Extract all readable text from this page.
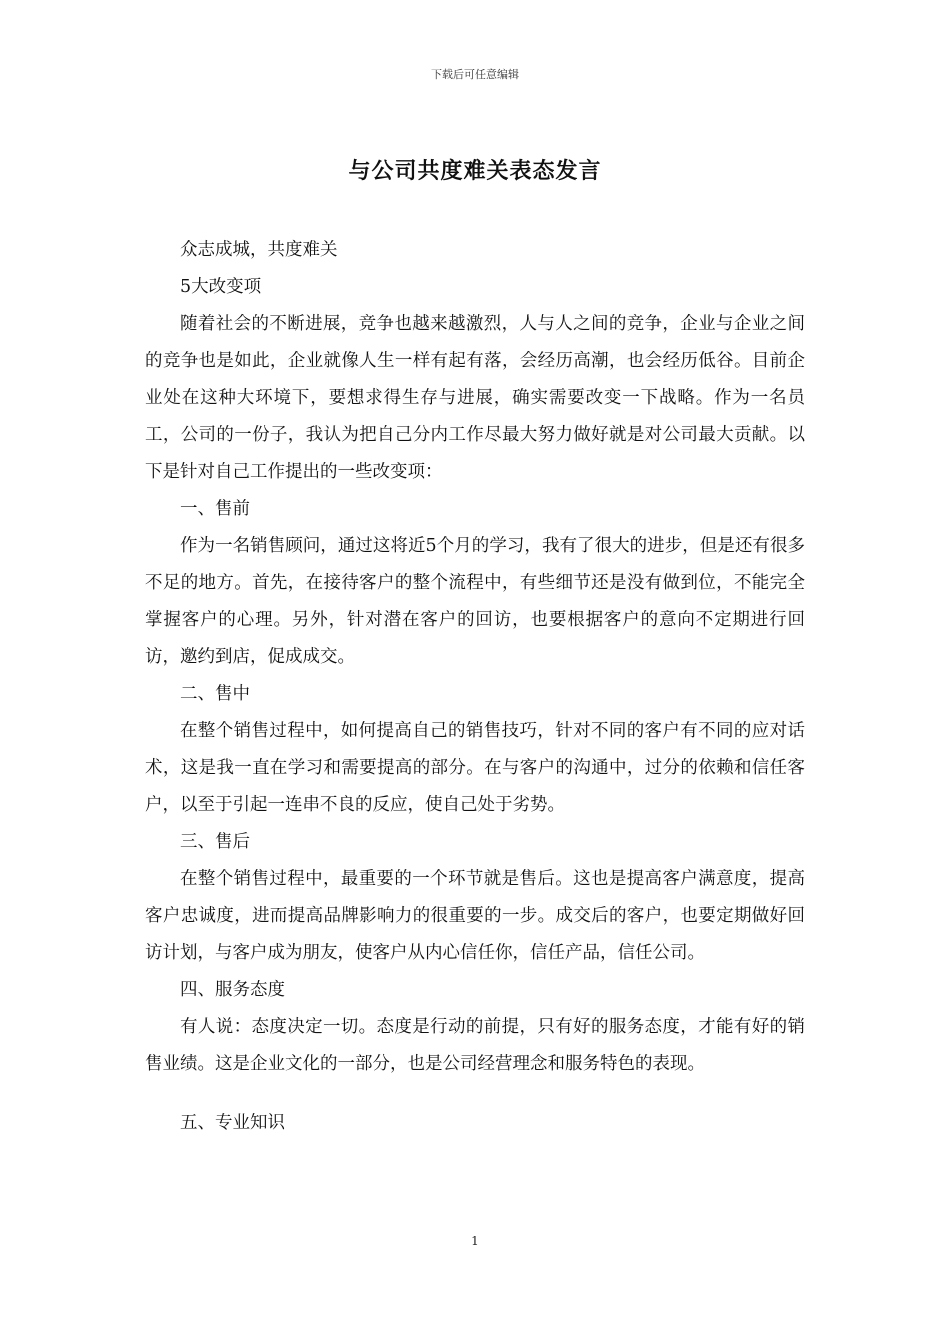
下载后可任意编辑
与公司共度难关表态发言

众志成城，共度难关

5大改变项

随着社会的不断进展，竞争也越来越激烈，人与人之间的竞争，企业与企业之间的竞争也是如此，企业就像人生一样有起有落，会经历高潮，也会经历低谷。目前企业处在这种大环境下，要想求得生存与进展，确实需要改变一下战略。作为一名员工，公司的一份子，我认为把自己分内工作尽最大努力做好就是对公司最大贡献。以下是针对自己工作提出的一些改变项：

一、售前

作为一名销售顾问，通过这将近5个月的学习，我有了很大的进步，但是还有很多不足的地方。首先，在接待客户的整个流程中，有些细节还是没有做到位，不能完全掌握客户的心理。另外，针对潜在客户的回访，也要根据客户的意向不定期进行回访，邀约到店，促成成交。

二、售中

在整个销售过程中，如何提高自己的销售技巧，针对不同的客户有不同的应对话术，这是我一直在学习和需要提高的部分。在与客户的沟通中，过分的依赖和信任客户，以至于引起一连串不良的反应，使自己处于劣势。

三、售后

在整个销售过程中，最重要的一个环节就是售后。这也是提高客户满意度，提高客户忠诚度，进而提高品牌影响力的很重要的一步。成交后的客户，也要定期做好回访计划，与客户成为朋友，使客户从内心信任你，信任产品，信任公司。

四、服务态度

有人说：态度决定一切。态度是行动的前提，只有好的服务态度，才能有好的销售业绩。这是企业文化的一部分，也是公司经营理念和服务特色的表现。

五、专业知识

1
